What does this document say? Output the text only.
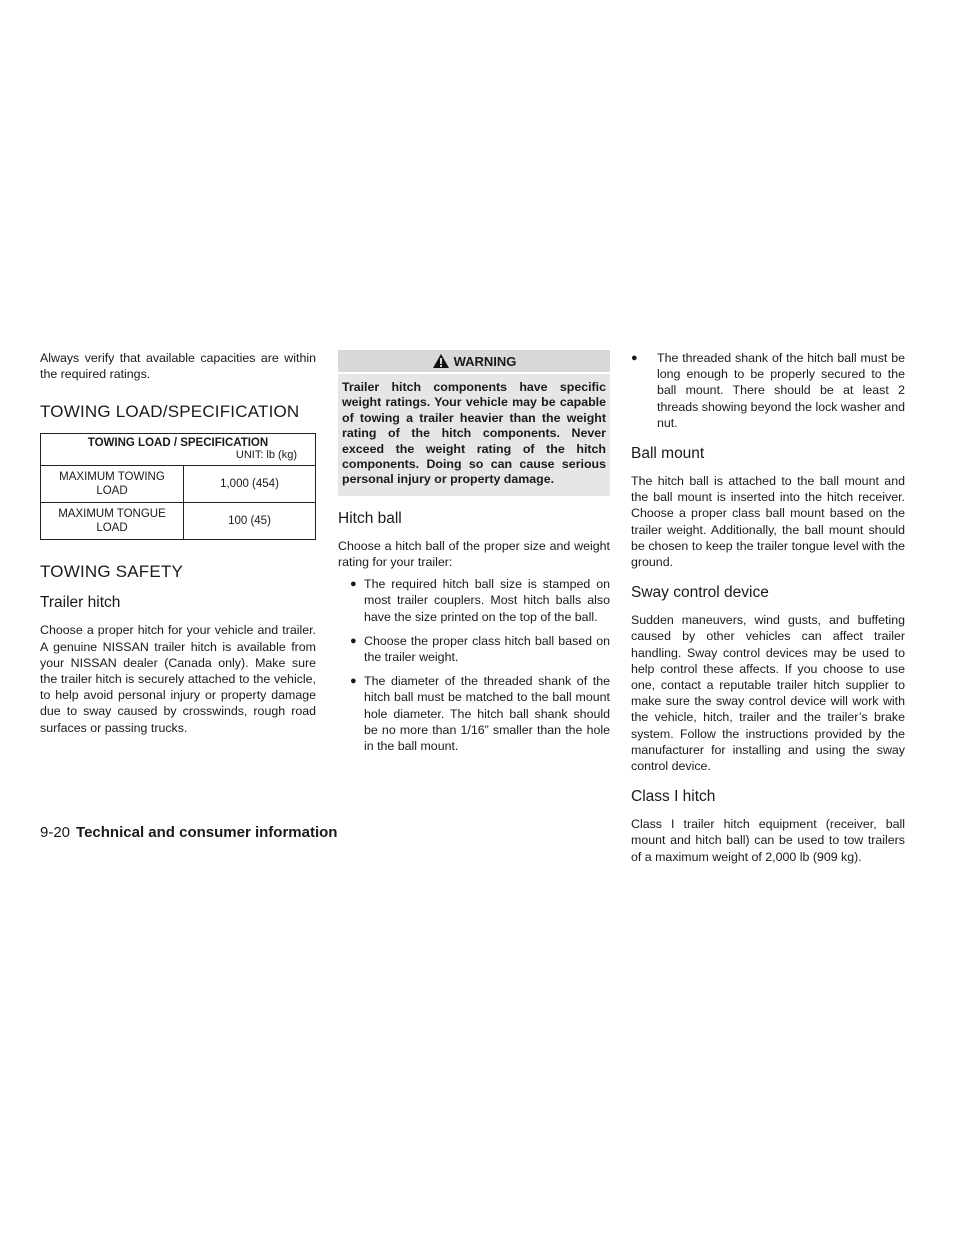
Always verify that available capacities are within the required ratings.

TOWING LOAD/SPECIFICATION
TOWING LOAD / SPECIFICATION	
UNIT: lb (kg)	
MAXIMUM TOWING LOAD	1,000 (454)
MAXIMUM TONGUE LOAD	100 (45)
TOWING SAFETY
Trailer hitch

Choose a proper hitch for your vehicle and trailer. A genuine NISSAN trailer hitch is available from your NISSAN dealer (Canada only). Make sure the trailer hitch is securely attached to the vehicle, to help avoid personal injury or property damage due to sway caused by crosswinds, rough road surfaces or passing trucks.

WARNING
Trailer hitch components have specific weight ratings. Your vehicle may be capable of towing a trailer heavier than the weight rating of the hitch components. Never exceed the weight rating of the hitch components. Doing so can cause serious personal injury or property damage.
Hitch ball

Choose a hitch ball of the proper size and weight rating for your trailer:

● The required hitch ball size is stamped on most trailer couplers. Most hitch balls also have the size printed on the top of the ball.
● Choose the proper class hitch ball based on the trailer weight.
● The diameter of the threaded shank of the hitch ball must be matched to the ball mount hole diameter. The hitch ball shank should be no more than 1/16” smaller than the hole in the ball mount.
● The threaded shank of the hitch ball must be long enough to be properly secured to the ball mount. There should be at least 2 threads showing beyond the lock washer and nut.
Ball mount

The hitch ball is attached to the ball mount and the ball mount is inserted into the hitch receiver. Choose a proper class ball mount based on the trailer weight. Additionally, the ball mount should be chosen to keep the trailer tongue level with the ground.

Sway control device

Sudden maneuvers, wind gusts, and buffeting caused by other vehicles can affect trailer handling. Sway control devices may be used to help control these affects. If you choose to use one, contact a reputable trailer hitch supplier to make sure the sway control device will work with the vehicle, hitch, trailer and the trailer’s brake system. Follow the instructions provided by the manufacturer for installing and using the sway control device.

Class I hitch

Class I trailer hitch equipment (receiver, ball mount and hitch ball) can be used to tow trailers of a maximum weight of 2,000 lb (909 kg).

9-20 Technical and consumer information
